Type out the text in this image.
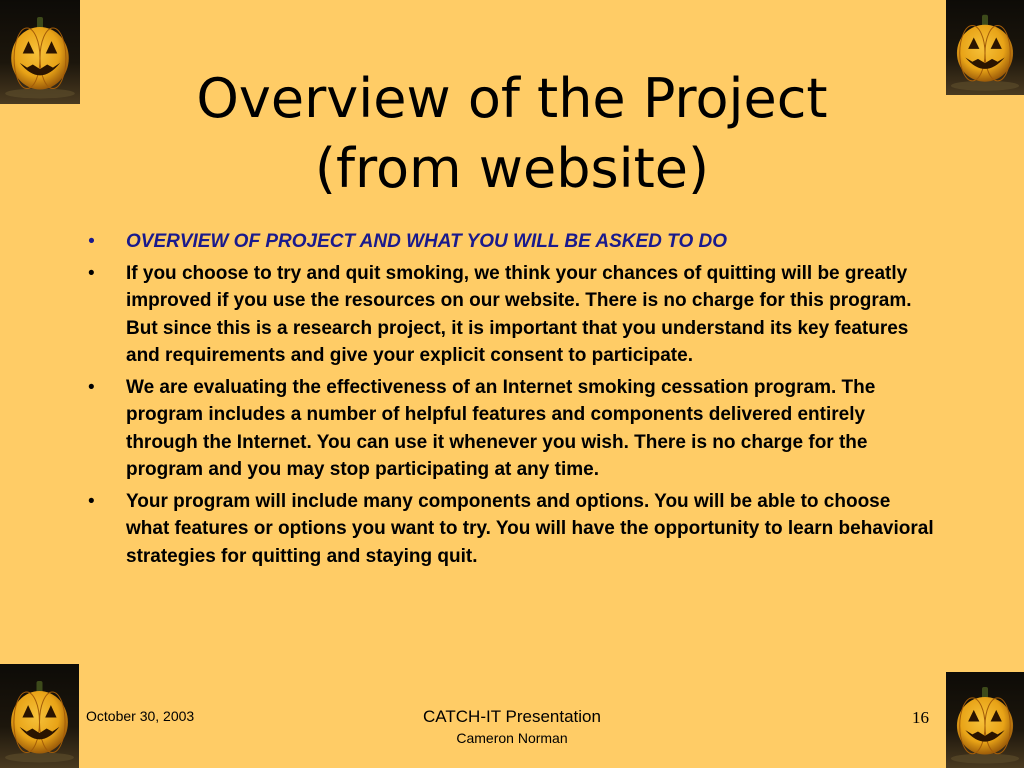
Overview of the Project
(from website)
• OVERVIEW OF PROJECT AND WHAT YOU WILL BE ASKED TO DO
• If you choose to try and quit smoking, we think your chances of quitting will be greatly improved if you use the resources on our website. There is no charge for this program. But since this is a research project, it is important that you understand its key features and requirements and give your explicit consent to participate.
• We are evaluating the effectiveness of an Internet smoking cessation program. The program includes a number of helpful features and components delivered entirely through the Internet. You can use it whenever you wish. There is no charge for the program and you may stop participating at any time.
• Your program will include many components and options. You will be able to choose what features or options you want to try. You will have the opportunity to learn behavioral strategies for quitting and staying quit.
October 30, 2003	CATCH-IT Presentation
Cameron Norman
16
